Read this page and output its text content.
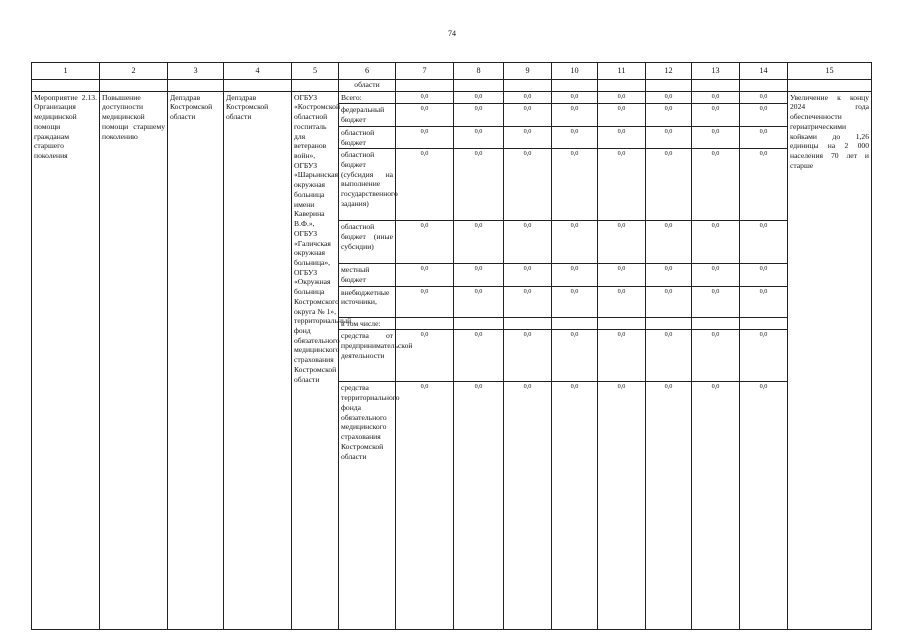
74
1	2	3	4	5	6	7	8	9	10	11	12	13	14	15
					области									
Мероприятие 2.13. Организация медицинской помощи гражданам старшего поколения	Повышение доступности медицинской помощи старшему поколению	Депздрав Костромской области	Депздрав Костромской области	ОГБУЗ «Костромской областной госпиталь для ветеранов войн», ОГБУЗ «Шарьинская окружная больница имени Каверина В.Ф.», ОГБУЗ «Галичская окружная больница», ОГБУЗ «Окружная больница Костромского округа № 1», территориальный фонд обязательного медицинского страхования Костромской области	Всего:	0,0	0,0	0,0	0,0	0,0	0,0	0,0	0,0	Увеличение к концу 2024 года обеспеченности гериатрическими койками до 1,26 единицы на 2 000 населения 70 лет и старше
					федеральный бюджет	0,0	0,0	0,0	0,0	0,0	0,0	0,0	0,0	
					областной бюджет	0,0	0,0	0,0	0,0	0,0	0,0	0,0	0,0	
					областной бюджет (субсидия на выполнение государственного задания)	0,0	0,0	0,0	0,0	0,0	0,0	0,0	0,0	
					областной бюджет (иные субсидии)	0,0	0,0	0,0	0,0	0,0	0,0	0,0	0,0	
					местный бюджет	0,0	0,0	0,0	0,0	0,0	0,0	0,0	0,0	
					внебюджетные источники,	0,0	0,0	0,0	0,0	0,0	0,0	0,0	0,0	
					в том числе:									
					средства от предпринимательской деятельности	0,0	0,0	0,0	0,0	0,0	0,0	0,0	0,0	
					средства территориального фонда обязательного медицинского страхования Костромской области	0,0	0,0	0,0	0,0	0,0	0,0	0,0	0,0	
